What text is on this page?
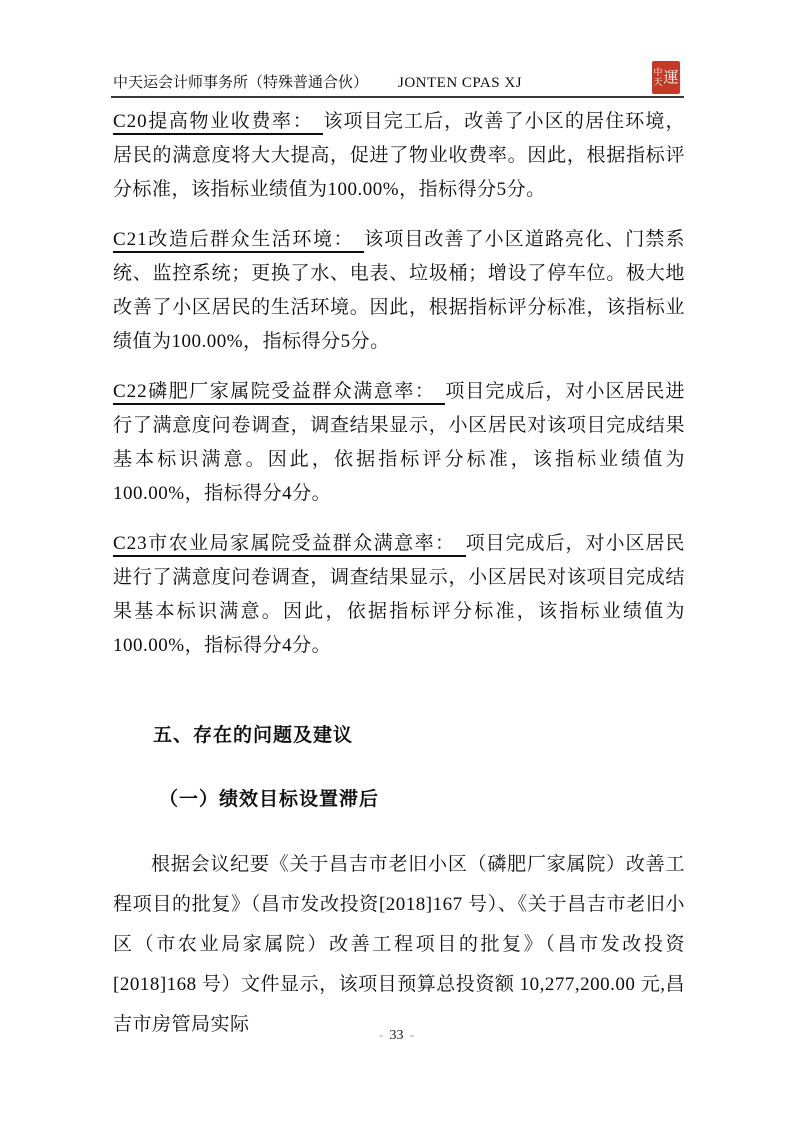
中天运会计师事务所（特殊普通合伙） JONTEN CPAS XJ
中
天 運

C20提高物业收费率： 该项目完工后，改善了小区的居住环境，居民的满意度将大大提高，促进了物业收费率。因此，根据指标评分标准，该指标业绩值为100.00%，指标得分5分。

C21改造后群众生活环境： 该项目改善了小区道路亮化、门禁系统、监控系统；更换了水、电表、垃圾桶；增设了停车位。极大地改善了小区居民的生活环境。因此，根据指标评分标准，该指标业绩值为100.00%，指标得分5分。

C22磷肥厂家属院受益群众满意率： 项目完成后，对小区居民进行了满意度问卷调查，调查结果显示，小区居民对该项目完成结果基本标识满意。因此，依据指标评分标准，该指标业绩值为100.00%，指标得分4分。

C23市农业局家属院受益群众满意率： 项目完成后，对小区居民进行了满意度问卷调查，调查结果显示，小区居民对该项目完成结果基本标识满意。因此，依据指标评分标准，该指标业绩值为100.00%，指标得分4分。

五、存在的问题及建议
（一）绩效目标设置滞后

根据会议纪要《关于昌吉市老旧小区（磷肥厂家属院）改善工程项目的批复》（昌市发改投资[2018]167 号）、《关于昌吉市老旧小区（市农业局家属院）改善工程项目的批复》（昌市发改投资[2018]168 号）文件显示，该项目预算总投资额 10,277,200.00 元,昌吉市房管局实际

- 33 -
